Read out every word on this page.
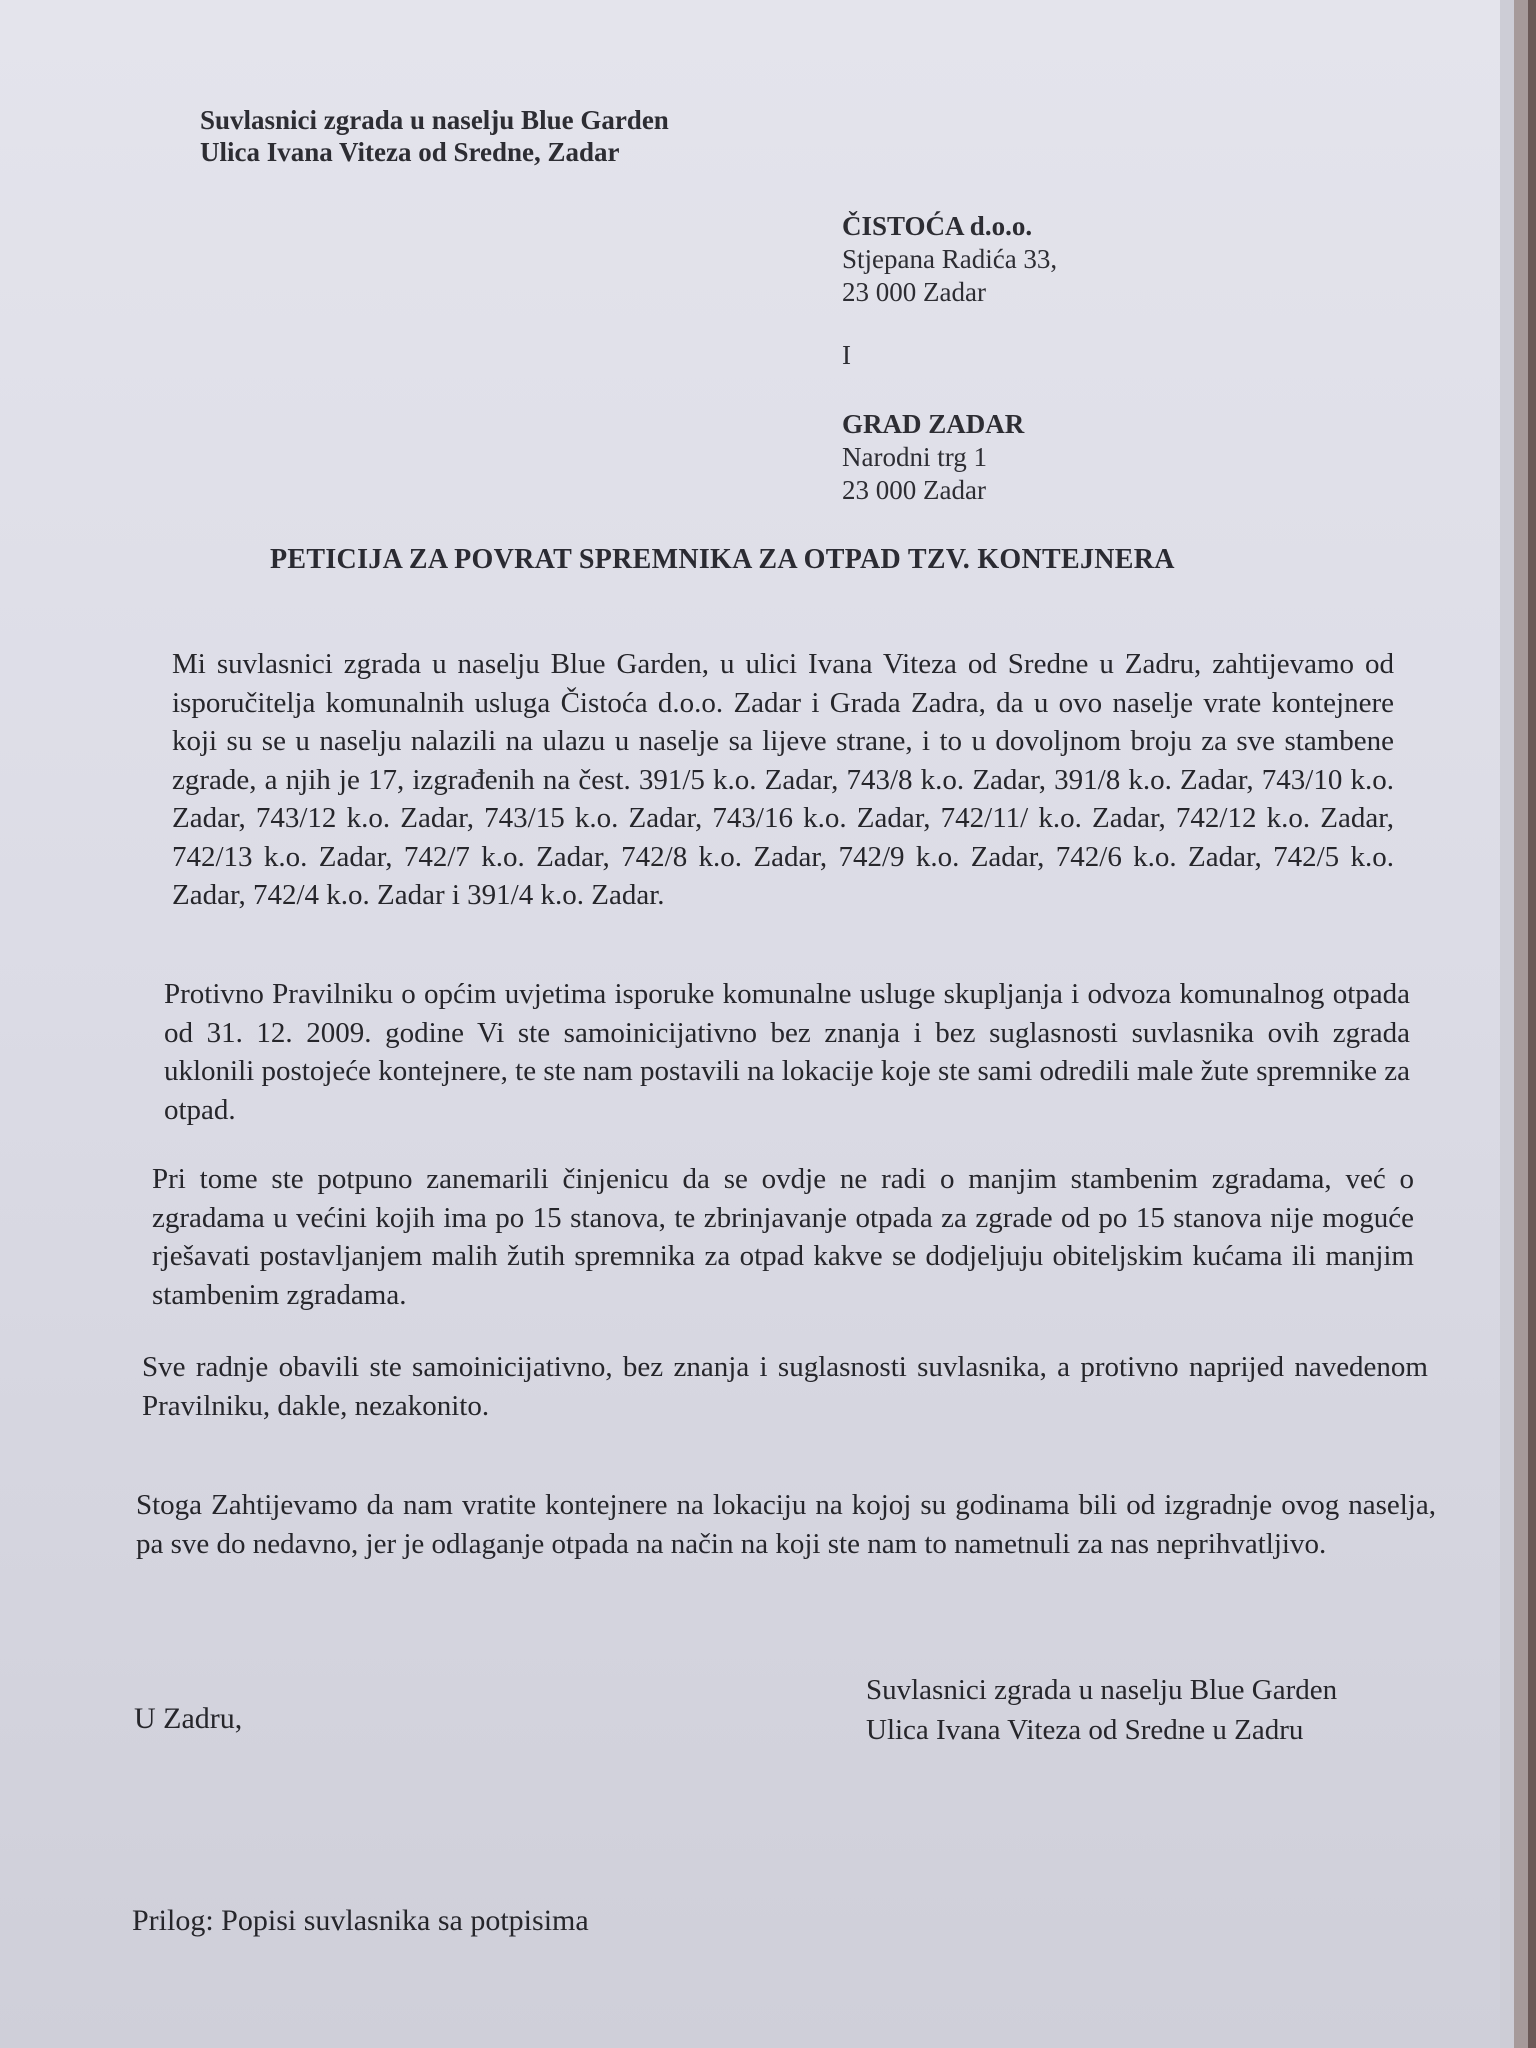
Suvlasnici zgrada u naselju Blue Garden
Ulica Ivana Viteza od Sredne, Zadar
ČISTOĆA d.o.o.
Stjepana Radića 33,
23 000 Zadar
I
GRAD ZADAR
Narodni trg 1
23 000 Zadar
PETICIJA ZA POVRAT SPREMNIKA ZA OTPAD TZV. KONTEJNERA

Mi suvlasnici zgrada u naselju Blue Garden, u ulici Ivana Viteza od Sredne u Zadru, zahtijevamo od isporučitelja komunalnih usluga Čistoća d.o.o. Zadar i Grada Zadra, da u ovo naselje vrate kontejnere koji su se u naselju nalazili na ulazu u naselje sa lijeve strane, i to u dovoljnom broju za sve stambene zgrade, a njih je 17, izgrađenih na čest. 391/5 k.o. Zadar, 743/8 k.o. Zadar, 391/8 k.o. Zadar, 743/10 k.o. Zadar, 743/12 k.o. Zadar, 743/15 k.o. Zadar, 743/16 k.o. Zadar, 742/11/ k.o. Zadar, 742/12 k.o. Zadar, 742/13 k.o. Zadar, 742/7 k.o. Zadar, 742/8 k.o. Zadar, 742/9 k.o. Zadar, 742/6 k.o. Zadar, 742/5 k.o. Zadar, 742/4 k.o. Zadar i 391/4 k.o. Zadar.

Protivno Pravilniku o općim uvjetima isporuke komunalne usluge skupljanja i odvoza komunalnog otpada od 31. 12. 2009. godine Vi ste samoinicijativno bez znanja i bez suglasnosti suvlasnika ovih zgrada uklonili postojeće kontejnere, te ste nam postavili na lokacije koje ste sami odredili male žute spremnike za otpad.

Pri tome ste potpuno zanemarili činjenicu da se ovdje ne radi o manjim stambenim zgradama, već o zgradama u većini kojih ima po 15 stanova, te zbrinjavanje otpada za zgrade od po 15 stanova nije moguće rješavati postavljanjem malih žutih spremnika za otpad kakve se dodjeljuju obiteljskim kućama ili manjim stambenim zgradama.

Sve radnje obavili ste samoinicijativno, bez znanja i suglasnosti suvlasnika, a protivno naprijed navedenom Pravilniku, dakle, nezakonito.

Stoga Zahtijevamo da nam vratite kontejnere na lokaciju na kojoj su godinama bili od izgradnje ovog naselja, pa sve do nedavno, jer je odlaganje otpada na način na koji ste nam to nametnuli za nas neprihvatljivo.

U Zadru,
Suvlasnici zgrada u naselju Blue Garden
Ulica Ivana Viteza od Sredne u Zadru
Prilog: Popisi suvlasnika sa potpisima
